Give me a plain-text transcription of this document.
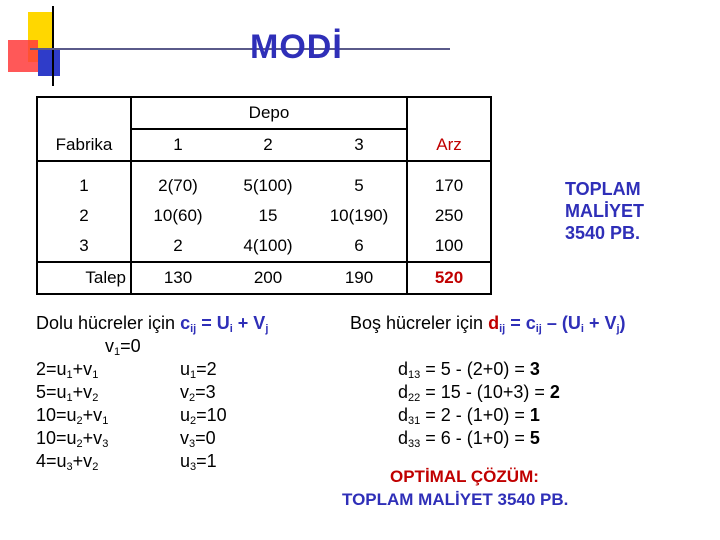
MODİ
	Depo			
Fabrika	1	2	3	Arz

1	2(70)	5(100)	5	170
2	10(60)	15	10(190)	250
3	2	4(100)	6	100
Talep	130	200	190	520
TOPLAM
MALİYET
3540 PB.
Dolu hücreler için $c_{ij} = U_i + V_j$	Boş hücreler için $d_{ij} = c_{ij} - (U_i + V_j)$
$v_1=0$
$2=u_1+v_1$
$5=u_1+v_2$
$10=u_2+v_1$
$10=u_2+v_3$
$4=u_3+v_2$
$u_1=2$
$v_2=3$
$u_2=10$
$v_3=0$
$u_3=1$
$d_{13} = 5 - (2+0) = 3$
$d_{22} = 15 - (10+3) = 2$
$d_{31} = 2 - (1+0) = 1$
$d_{33} = 6 - (1+0) = 5$
OPTİMAL ÇÖZÜM:
TOPLAM MALİYET 3540 PB.
